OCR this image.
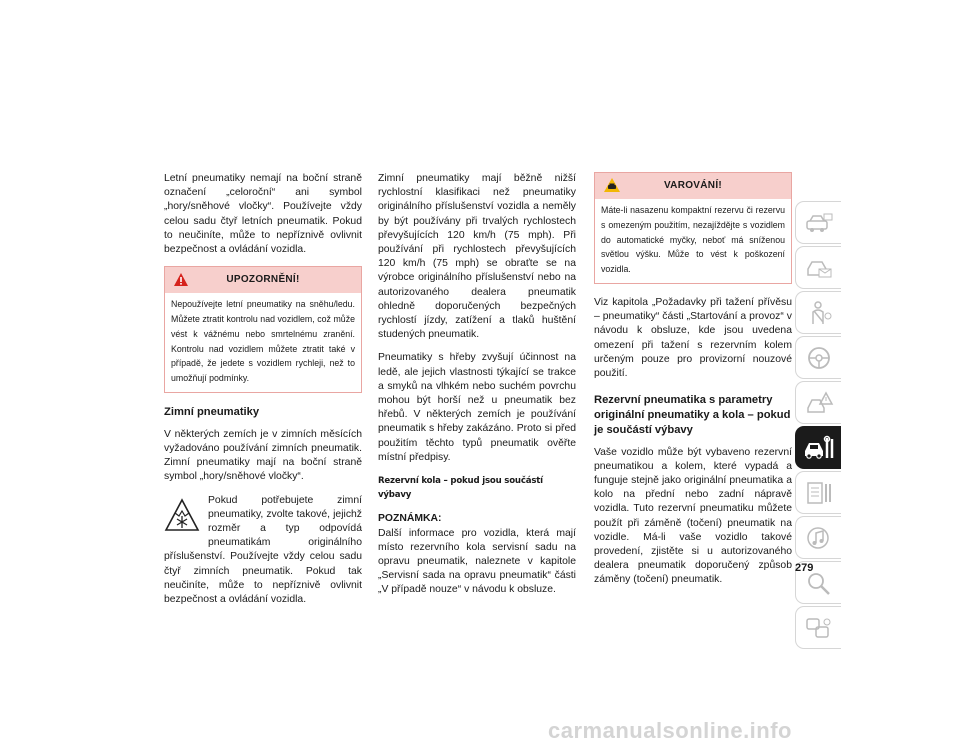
Letní pneumatiky nemají na boční straně označení „celoroční“ ani symbol „hory/sněhové vločky“. Používejte vždy celou sadu čtyř letních pneumatik. Pokud to neučiníte, může to nepříznivě ovlivnit bezpečnost a ovládání vozidla.

UPOZORNĚNÍ!
Nepoužívejte letní pneumatiky na sněhu/ledu. Můžete ztratit kontrolu nad vozidlem, což může vést k vážnému nebo smrtelnému zranění. Kontrolu nad vozidlem můžete ztratit také v případě, že jedete s vozidlem rychleji, než to umožňují podmínky.
Zimní pneumatiky

V některých zemích je v zimních měsících vyžadováno používání zimních pneumatik. Zimní pneumatiky mají na boční straně symbol „hory/sněhové vločky“.

Pokud potřebujete zimní pneumatiky, zvolte takové, jejichž rozměr a typ odpovídá pneumatikám originálního příslušenství. Používejte vždy celou sadu čtyř zimních pneumatik. Pokud tak neučiníte, může to nepříznivě ovlivnit bezpečnost a ovládání vozidla.

Zimní pneumatiky mají běžně nižší rychlostní klasifikaci než pneumatiky originálního příslušenství vozidla a neměly by být používány při trvalých rychlostech převyšujících 120 km/h (75 mph). Při používání při rychlostech převyšujících 120 km/h (75 mph) se obraťte se na výrobce originálního příslušenství nebo na autorizovaného dealera pneumatik ohledně doporučených bezpečných rychlostí jízdy, zatížení a tlaků huštění studených pneumatik.

Pneumatiky s hřeby zvyšují účinnost na ledě, ale jejich vlastnosti týkající se trakce a smyků na vlhkém nebo suchém povrchu mohou být horší než u pneumatik bez hřebů. V některých zemích je používání pneumatik s hřeby zakázáno. Proto si před použitím těchto typů pneumatik ověřte místní předpisy.

Rezervní kola – pokud jsou součástí výbavy

POZNÁMKA:
Další informace pro vozidla, která mají místo rezervního kola servisní sadu na opravu pneumatik, naleznete v kapitole „Servisní sada na opravu pneumatik“ části „V případě nouze“ v návodu k obsluze.

VAROVÁNÍ!
Máte-li nasazenu kompaktní rezervu či rezervu s omezeným použitím, nezajíždějte s vozidlem do automatické myčky, neboť má sníženou světlou výšku. Může to vést k poškození vozidla.

Viz kapitola „Požadavky při tažení přívěsu – pneumatiky“ části „Startování a provoz“ v návodu k obsluze, kde jsou uvedena omezení při tažení s rezervním kolem určeným pouze pro provizorní nouzové použití.

Rezervní pneumatika s parametry originální pneumatiky a kola – pokud je součástí výbavy

Vaše vozidlo může být vybaveno rezervní pneumatikou a kolem, které vypadá a funguje stejně jako originální pneumatika a kolo na přední nebo zadní nápravě vozidla. Tuto rezervní pneumatiku můžete použít při záměně (točení) pneumatik na vozidle. Má-li vaše vozidlo takové provedení, zjistěte si u autorizovaného dealera pneumatik doporučený způsob záměny (točení) pneumatik.

279
carmanualsonline.info
